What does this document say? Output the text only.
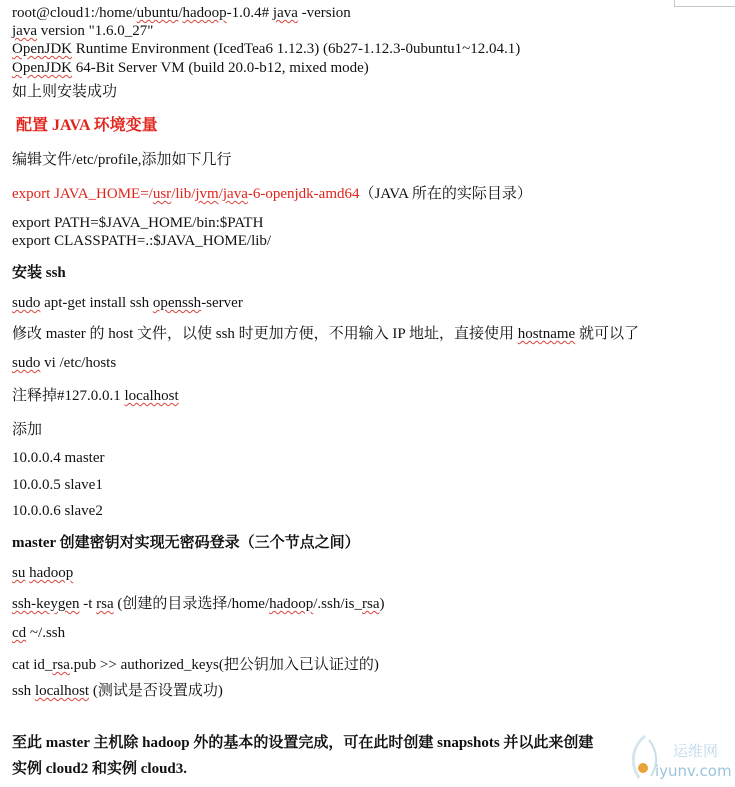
root@cloud1:/home/ubuntu/hadoop-1.0.4# java -version
java version "1.6.0_27"
OpenJDK Runtime Environment (IcedTea6 1.12.3) (6b27-1.12.3-0ubuntu1~12.04.1)
OpenJDK 64-Bit Server VM (build 20.0-b12, mixed mode)
如上则安装成功
配置 JAVA 环境变量
编辑文件/etc/profile,添加如下几行
export JAVA_HOME=/usr/lib/jvm/java-6-openjdk-amd64（JAVA 所在的实际目录）
export PATH=$JAVA_HOME/bin:$PATH
export CLASSPATH=.:$JAVA_HOME/lib/
安装 ssh
sudo apt-get install ssh openssh-server
修改 master 的 host 文件，以使 ssh 时更加方便，不用输入 IP 地址，直接使用 hostname 就可以了
sudo vi /etc/hosts
注释掉#127.0.0.1 localhost
添加
10.0.0.4 master
10.0.0.5 slave1
10.0.0.6 slave2
master 创建密钥对实现无密码登录（三个节点之间）
su hadoop
ssh-keygen -t rsa (创建的目录选择/home/hadoop/.ssh/is_rsa)
cd ~/.ssh
cat id_rsa.pub >> authorized_keys(把公钥加入已认证过的)
ssh localhost (测试是否设置成功)
至此 master 主机除 hadoop 外的基本的设置完成，可在此时创建 snapshots 并以此来创建
实例 cloud2 和实例 cloud3.
运维网
iyunv.com
